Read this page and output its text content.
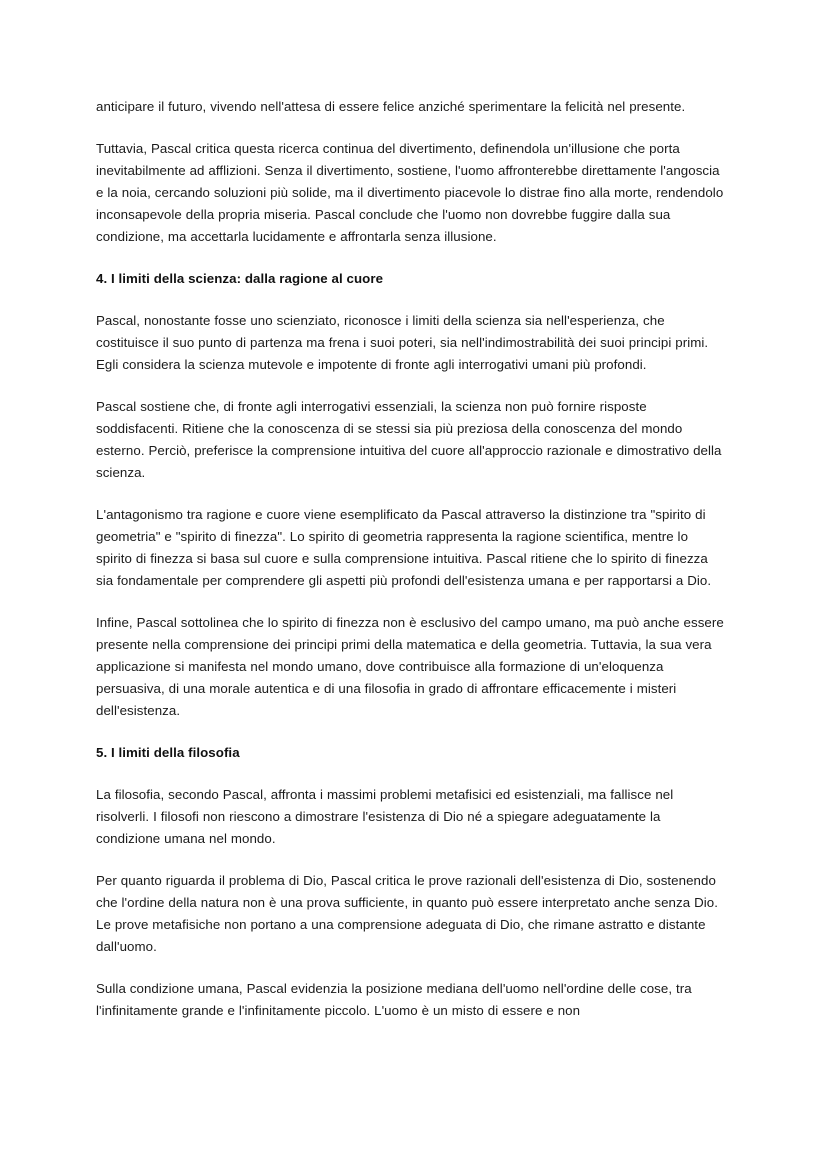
anticipare il futuro, vivendo nell'attesa di essere felice anziché sperimentare la felicità nel presente.

Tuttavia, Pascal critica questa ricerca continua del divertimento, definendola un'illusione che porta inevitabilmente ad afflizioni. Senza il divertimento, sostiene, l'uomo affronterebbe direttamente l'angoscia e la noia, cercando soluzioni più solide, ma il divertimento piacevole lo distrae fino alla morte, rendendolo inconsapevole della propria miseria. Pascal conclude che l'uomo non dovrebbe fuggire dalla sua condizione, ma accettarla lucidamente e affrontarla senza illusione.

4. I limiti della scienza: dalla ragione al cuore

Pascal, nonostante fosse uno scienziato, riconosce i limiti della scienza sia nell'esperienza, che costituisce il suo punto di partenza ma frena i suoi poteri, sia nell'indimostrabilità dei suoi principi primi. Egli considera la scienza mutevole e impotente di fronte agli interrogativi umani più profondi.

Pascal sostiene che, di fronte agli interrogativi essenziali, la scienza non può fornire risposte soddisfacenti. Ritiene che la conoscenza di se stessi sia più preziosa della conoscenza del mondo esterno. Perciò, preferisce la comprensione intuitiva del cuore all'approccio razionale e dimostrativo della scienza.

L'antagonismo tra ragione e cuore viene esemplificato da Pascal attraverso la distinzione tra "spirito di geometria" e "spirito di finezza". Lo spirito di geometria rappresenta la ragione scientifica, mentre lo spirito di finezza si basa sul cuore e sulla comprensione intuitiva. Pascal ritiene che lo spirito di finezza sia fondamentale per comprendere gli aspetti più profondi dell'esistenza umana e per rapportarsi a Dio.

Infine, Pascal sottolinea che lo spirito di finezza non è esclusivo del campo umano, ma può anche essere presente nella comprensione dei principi primi della matematica e della geometria. Tuttavia, la sua vera applicazione si manifesta nel mondo umano, dove contribuisce alla formazione di un'eloquenza persuasiva, di una morale autentica e di una filosofia in grado di affrontare efficacemente i misteri dell'esistenza.

5. I limiti della filosofia

La filosofia, secondo Pascal, affronta i massimi problemi metafisici ed esistenziali, ma fallisce nel risolverli. I filosofi non riescono a dimostrare l'esistenza di Dio né a spiegare adeguatamente la condizione umana nel mondo.

Per quanto riguarda il problema di Dio, Pascal critica le prove razionali dell'esistenza di Dio, sostenendo che l'ordine della natura non è una prova sufficiente, in quanto può essere interpretato anche senza Dio. Le prove metafisiche non portano a una comprensione adeguata di Dio, che rimane astratto e distante dall'uomo.

Sulla condizione umana, Pascal evidenzia la posizione mediana dell'uomo nell'ordine delle cose, tra l'infinitamente grande e l'infinitamente piccolo. L'uomo è un misto di essere e non
